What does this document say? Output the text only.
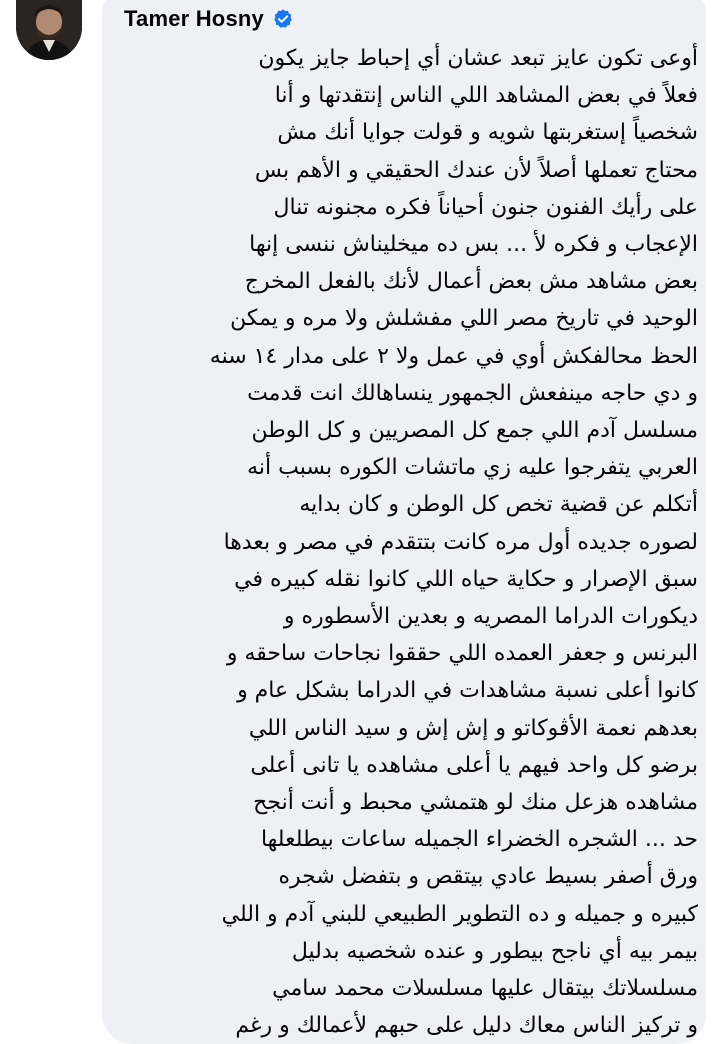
Tamer Hosny
أوعى تكون عايز تبعد عشان أي إحباط جايز يكون
فعلاً في بعض المشاهد اللي الناس إنتقدتها و أنا
شخصياً إستغربتها شويه و قولت جوايا أنك مش
محتاج تعملها أصلاً لأن عندك الحقيقي و الأهم بس
على رأيك الفنون جنون أحياناً فكره مجنونه تنال
الإعجاب و فكره لأ ... بس ده ميخليناش ننسى إنها
بعض مشاهد مش بعض أعمال لأنك بالفعل المخرج
الوحيد في تاريخ مصر اللي مفشلش ولا مره و يمكن
الحظ محالفكش أوي في عمل ولا ٢ على مدار ١٤ سنه
و دي حاجه مينفعش الجمهور ينساهالك انت قدمت
مسلسل آدم اللي جمع كل المصريين و كل الوطن
العربي يتفرجوا عليه زي ماتشات الكوره بسبب أنه
أتكلم عن قضية تخص كل الوطن و كان بدايه
لصوره جديده أول مره كانت بتتقدم في مصر و بعدها
سبق الإصرار و حكاية حياه اللي كانوا نقله كبيره في
ديكورات الدراما المصريه و بعدين الأسطوره و
البرنس و جعفر العمده اللي حققوا نجاحات ساحقه و
كانوا أعلى نسبة مشاهدات في الدراما بشكل عام و
بعدهم نعمة الأڤوكاتو و إش إش و سيد الناس اللي
برضو كل واحد فيهم يا أعلى مشاهده يا تانى أعلى
مشاهده هزعل منك لو هتمشي محبط و أنت أنجح
حد ... الشجره الخضراء الجميله ساعات بيطلعلها
ورق أصفر بسيط عادي بيتقص و بتفضل شجره
كبيره و جميله و ده التطوير الطبيعي للبني آدم و اللي
بيمر بيه أي ناجح بيطور و عنده شخصيه بدليل
مسلسلاتك بيتقال عليها مسلسلات محمد سامي
و تركيز الناس معاك دليل على حبهم لأعمالك و رغم
